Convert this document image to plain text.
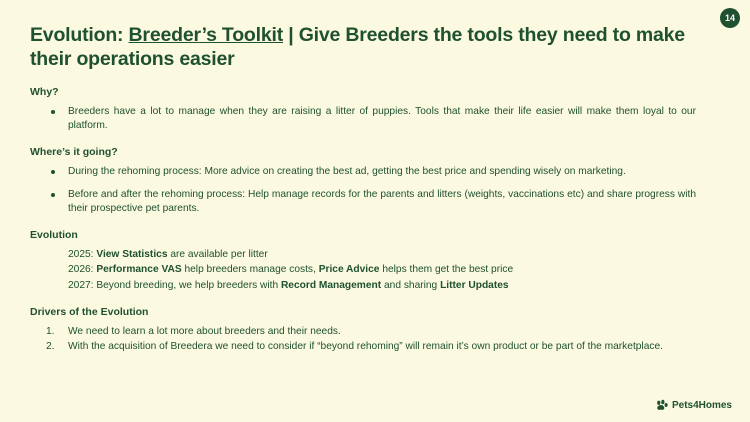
14
Evolution: Breeder’s Toolkit | Give Breeders the tools they need to make their operations easier
Why?
Breeders have a lot to manage when they are raising a litter of puppies. Tools that make their life easier will make them loyal to our platform.
Where’s it going?
During the rehoming process: More advice on creating the best ad, getting the best price and spending wisely on marketing.
Before and after the rehoming process: Help manage records for the parents and litters (weights, vaccinations etc) and share progress with their prospective pet parents.
Evolution
2025: View Statistics are available per litter
2026: Performance VAS help breeders manage costs, Price Advice helps them get the best price
2027: Beyond breeding, we help breeders with Record Management and sharing Litter Updates
Drivers of the Evolution
We need to learn a lot more about breeders and their needs.
With the acquisition of Breedera we need to consider if “beyond rehoming” will remain it’s own product or be part of the marketplace.
Pets4Homes
